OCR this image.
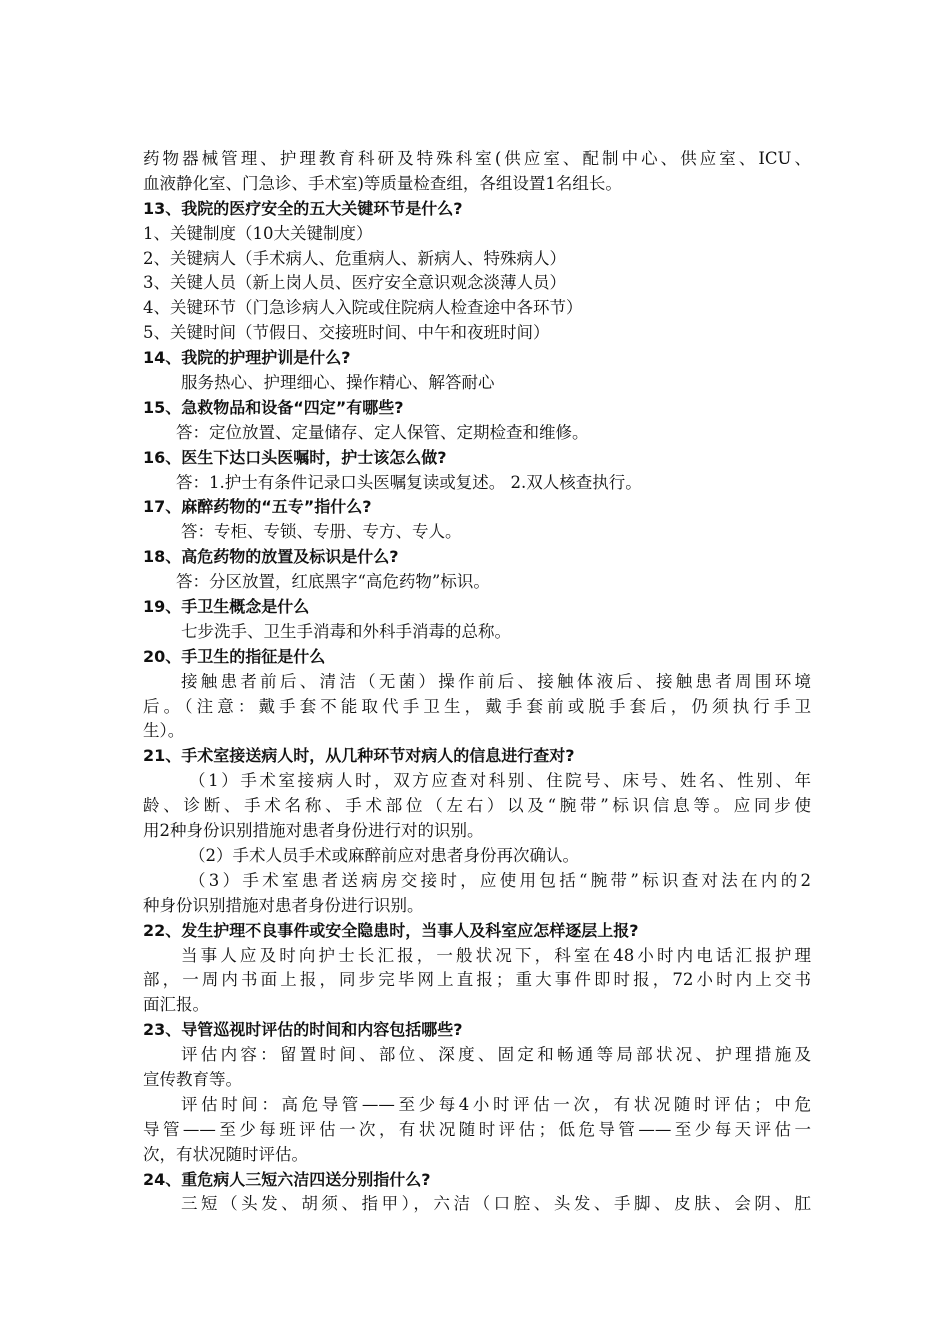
药物器械管理、护理教育科研及特殊科室(供应室、配制中心、供应室、ICU、
血液静化室、门急诊、手术室)等质量检查组，各组设置1名组长。
13、我院的医疗安全的五大关键环节是什么?
1、关键制度（10大关键制度）
2、关键病人（手术病人、危重病人、新病人、特殊病人）
3、关键人员（新上岗人员、医疗安全意识观念淡薄人员）
4、关键环节（门急诊病人入院或住院病人检查途中各环节）
5、关键时间（节假日、交接班时间、中午和夜班时间）
14、我院的护理护训是什么?
服务热心、护理细心、操作精心、解答耐心
15、急救物品和设备“四定”有哪些?
答：定位放置、定量储存、定人保管、定期检查和维修。
16、医生下达口头医嘱时，护士该怎么做?
答：1.护士有条件记录口头医嘱复读或复述。 2.双人核查执行。
17、麻醉药物的“五专”指什么?
答：专柜、专锁、专册、专方、专人。
18、高危药物的放置及标识是什么?
答：分区放置，红底黑字“高危药物”标识。
19、手卫生概念是什么
七步洗手、卫生手消毒和外科手消毒的总称。
20、手卫生的指征是什么
接触患者前后、清洁（无菌）操作前后、接触体液后、接触患者周围环境
后。（注意：戴手套不能取代手卫生，戴手套前或脱手套后，仍须执行手卫
生）。
21、手术室接送病人时，从几种环节对病人的信息进行查对?
（1）手术室接病人时，双方应查对科别、住院号、床号、姓名、性别、年
龄、诊断、手术名称、手术部位（左右）以及“腕带”标识信息等。应同步使
用2种身份识别措施对患者身份进行对的识别。
（2）手术人员手术或麻醉前应对患者身份再次确认。
（3）手术室患者送病房交接时，应使用包括“腕带”标识查对法在内的2
种身份识别措施对患者身份进行识别。
22、发生护理不良事件或安全隐患时，当事人及科室应怎样逐层上报?
当事人应及时向护士长汇报，一般状况下，科室在48小时内电话汇报护理
部，一周内书面上报，同步完毕网上直报；重大事件即时报，72小时内上交书
面汇报。
23、导管巡视时评估的时间和内容包括哪些?
评估内容：留置时间、部位、深度、固定和畅通等局部状况、护理措施及
宣传教育等。
评估时间：高危导管——至少每4小时评估一次，有状况随时评估；中危
导管——至少每班评估一次，有状况随时评估；低危导管——至少每天评估一
次，有状况随时评估。
24、重危病人三短六洁四送分别指什么?
三短（头发、胡须、指甲），六洁（口腔、头发、手脚、皮肤、会阴、肛
